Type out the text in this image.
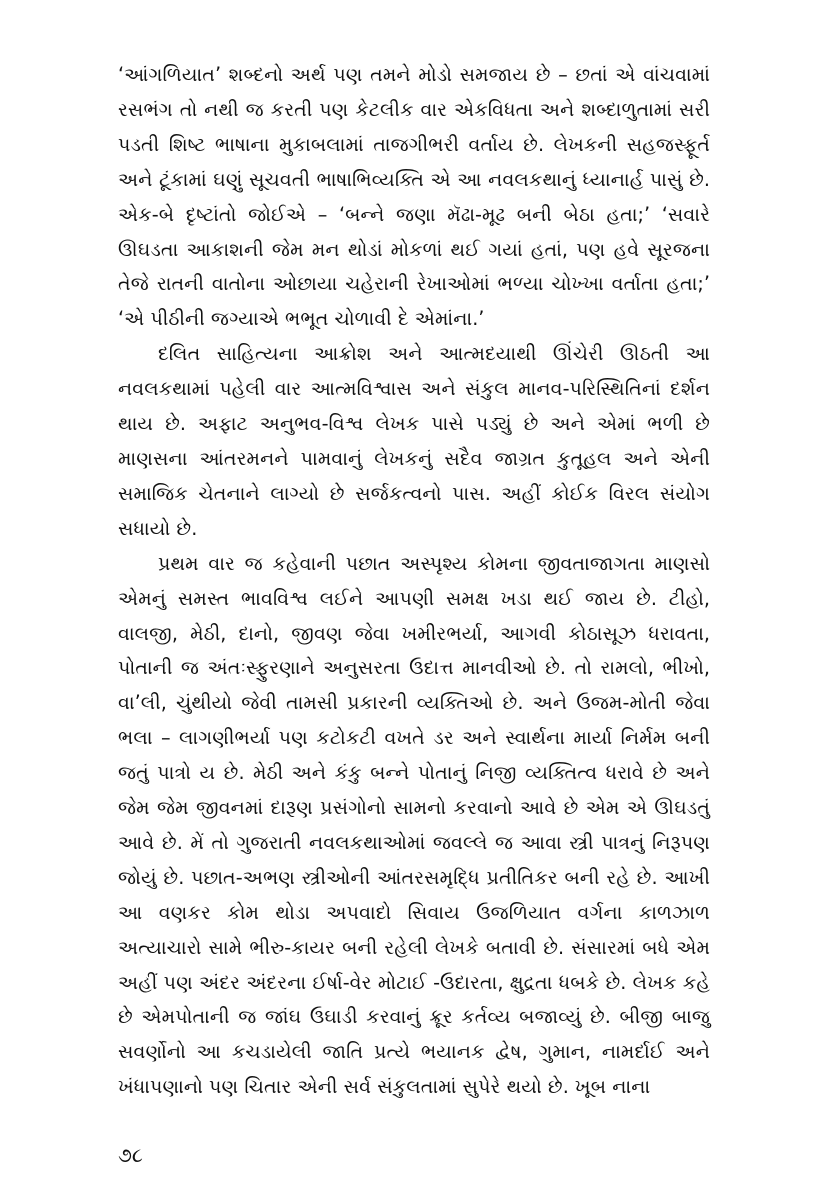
‘આંગળિયાત’ શબ્દનો અર્થ પણ તમને મોડો સમજાય છે – છતાં એ વાંચવામાં રસભંગ તો નથી જ કરતી પણ કેટલીક વાર એકવિધતા અને શબ્દાળુતામાં સરી પડતી શિષ્ટ ભાષાના મુકાબલામાં તાજગીભરી વર્તાય છે. લેખકની સહજસ્ફૂર્ત અને ટૂંકામાં ઘણું સૂચવતી ભાષાભિવ્યક્તિ એ આ નવલકથાનું ધ્યાનાર્હ પાસું છે. એક-બે દૃષ્ટાંતો જોઈએ – ‘બન્ને જણા મૅઢા-મૂઢ બની બેઠા હતા;’ ‘સવારે ઊઘડતા આકાશની જેમ મન થોડાં મોકળાં થઈ ગયાં હતાં, પણ હવે સૂરજના તેજે રાતની વાતોના ઓછાયા ચહેરાની રેખાઓમાં ભળ્યા ચોખ્ખા વર્તાતા હતા;’ ‘એ પીઠીની જગ્યાએ ભભૂત ચોળાવી દે એમાંના.’

દલિત સાહિત્યના આક્રોશ અને આત્મદયાથી ઊંચેરી ઊઠતી આ નવલકથામાં પહેલી વાર આત્મવિશ્વાસ અને સંકુલ માનવ-પરિસ્થિતિનાં દર્શન થાય છે. અફાટ અનુભવ-વિશ્વ લેખક પાસે પડ્યું છે અને એમાં ભળી છે માણસના આંતરમનને પામવાનું લેખકનું સદૈવ જાગ્રત કુતૂહલ અને એની સમાજિક ચેતનાને લાગ્યો છે સર્જકત્વનો પાસ. અહીં કોઈક વિરલ સંયોગ સધાયો છે.

પ્રથમ વાર જ કહેવાની પછાત અસ્પૃશ્ય કોમના જીવતાજાગતા માણસો એમનું સમસ્ત ભાવવિશ્વ લઈને આપણી સમક્ષ ખડા થઈ જાય છે. ટીહો, વાલજી, મેઠી, દાનો, જીવણ જેવા ખમીરભર્યા, આગવી કોઠાસૂઝ ધરાવતા, પોતાની જ અંતઃસ્ફુરણાને અનુસરતા ઉદાત્ત માનવીઓ છે. તો રામલો, ભીખો, વા’લી, ચુંથીયો જેવી તામસી પ્રકારની વ્યક્તિઓ છે. અને ઉજમ-મોતી જેવા ભલા – લાગણીભર્યા પણ કટોકટી વખતે ડર અને સ્વાર્થના માર્યા નિર્મમ બની જતું પાત્રો ય છે. મેઠી અને કંકુ બન્ને પોતાનું નિજી વ્યક્તિત્વ ધરાવે છે અને જેમ જેમ જીવનમાં દારૂણ પ્રસંગોનો સામનો કરવાનો આવે છે એમ એ ઊઘડતું આવે છે. મેં તો ગુજરાતી નવલકથાઓમાં જવલ્લે જ આવા સ્ત્રી પાત્રનું નિરૂપણ જોયું છે. પછાત-અભણ સ્ત્રીઓની આંતરસમૃદ્ધિ પ્રતીતિકર બની રહે છે. આખી આ વણકર કોમ થોડા અપવાદો સિવાય ઉજળિયાત વર્ગના કાળઝાળ અત્યાચારો સામે ભીરુ-કાયર બની રહેલી લેખકે બતાવી છે. સંસારમાં બધે એમ અહીં પણ અંદર અંદરના ઈર્ષા-વેર મોટાઈ -ઉદારતા, ક્ષુદ્રતા ધબકે છે. લેખક કહે છે એમપોતાની જ જાંઘ ઉઘાડી કરવાનું ક્રૂર કર્તવ્ય બજાવ્યું છે. બીજી બાજુ સવર્ણોનો આ કચડાયેલી જાતિ પ્રત્યે ભયાનક દ્વેષ, ગુમાન, નામર્દાઈ અને ખંધાપણાનો પણ ચિતાર એની સર્વ સંકુલતામાં સુપેરે થયો છે. ખૂબ નાના

૭૮
